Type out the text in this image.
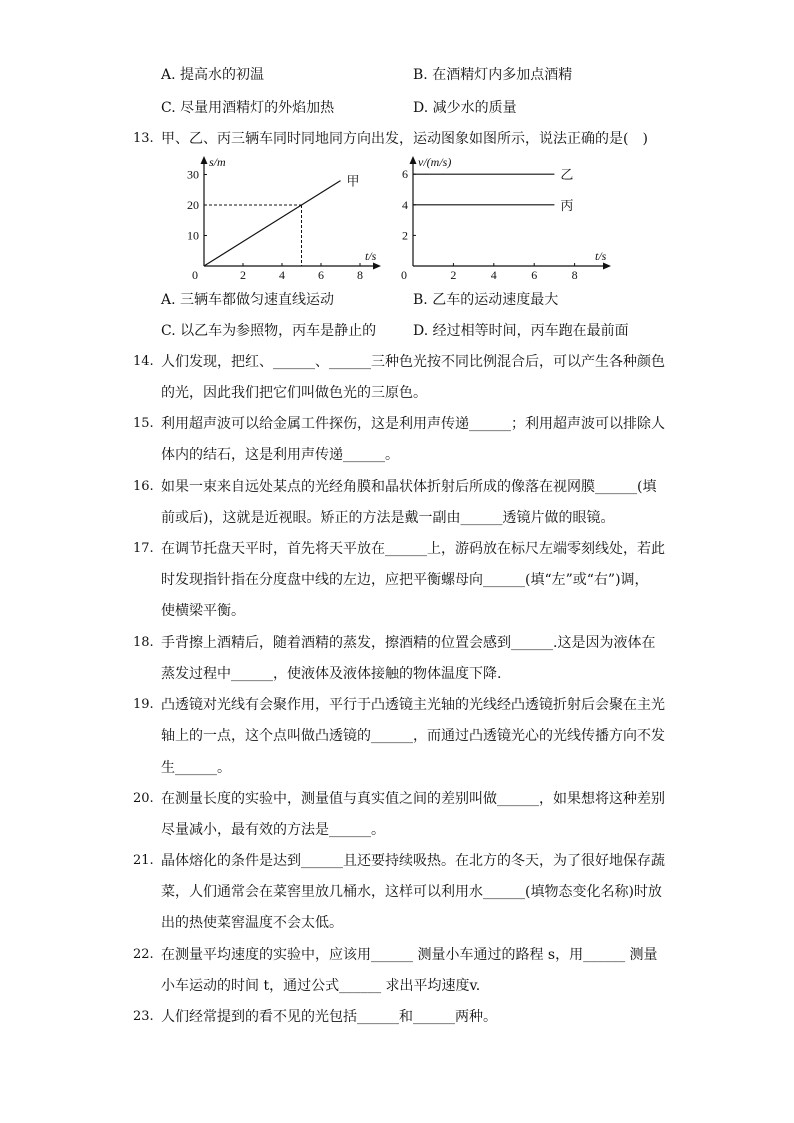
A. 提高水的初温	B. 在酒精灯内多加点酒精
C. 尽量用酒精灯的外焰加热	D. 减少水的质量
13. 甲、乙、丙三辆车同时同地同方向出发，运动图象如图所示，说法正确的是(　)
0	2	4	6	8
10
20
30
s/m
t/s
甲
0	2	4	6	8
2
4
6
v/(m/s)
t/s
乙
丙
A. 三辆车都做匀速直线运动	B. 乙车的运动速度最大
C. 以乙车为参照物，丙车是静止的	D. 经过相等时间，丙车跑在最前面
14. 人们发现，把红、______、______三种色光按不同比例混合后，可以产生各种颜色
的光，因此我们把它们叫做色光的三原色。
15. 利用超声波可以给金属工件探伤，这是利用声传递______；利用超声波可以排除人
体内的结石，这是利用声传递______。
16. 如果一束来自远处某点的光经角膜和晶状体折射后所成的像落在视网膜______(填
前或后)，这就是近视眼。矫正的方法是戴一副由______透镜片做的眼镜。
17. 在调节托盘天平时，首先将天平放在______上，游码放在标尺左端零刻线处，若此
时发现指针指在分度盘中线的左边，应把平衡螺母向______(填“左”或“右”)调，
使横梁平衡。
18. 手背擦上酒精后，随着酒精的蒸发，擦酒精的位置会感到______.这是因为液体在
蒸发过程中______，使液体及液体接触的物体温度下降.
19. 凸透镜对光线有会聚作用，平行于凸透镜主光轴的光线经凸透镜折射后会聚在主光
轴上的一点，这个点叫做凸透镜的______，而通过凸透镜光心的光线传播方向不发
生______。
20. 在测量长度的实验中，测量值与真实值之间的差别叫做______，如果想将这种差别
尽量减小，最有效的方法是______。
21. 晶体熔化的条件是达到______且还要持续吸热。在北方的冬天，为了很好地保存蔬
菜，人们通常会在菜窖里放几桶水，这样可以利用水______(填物态变化名称)时放
出的热使菜窖温度不会太低。
22. 在测量平均速度的实验中，应该用______ 测量小车通过的路程 s，用______ 测量
小车运动的时间 t，通过公式______ 求出平均速度v.
23. 人们经常提到的看不见的光包括______和______两种。
